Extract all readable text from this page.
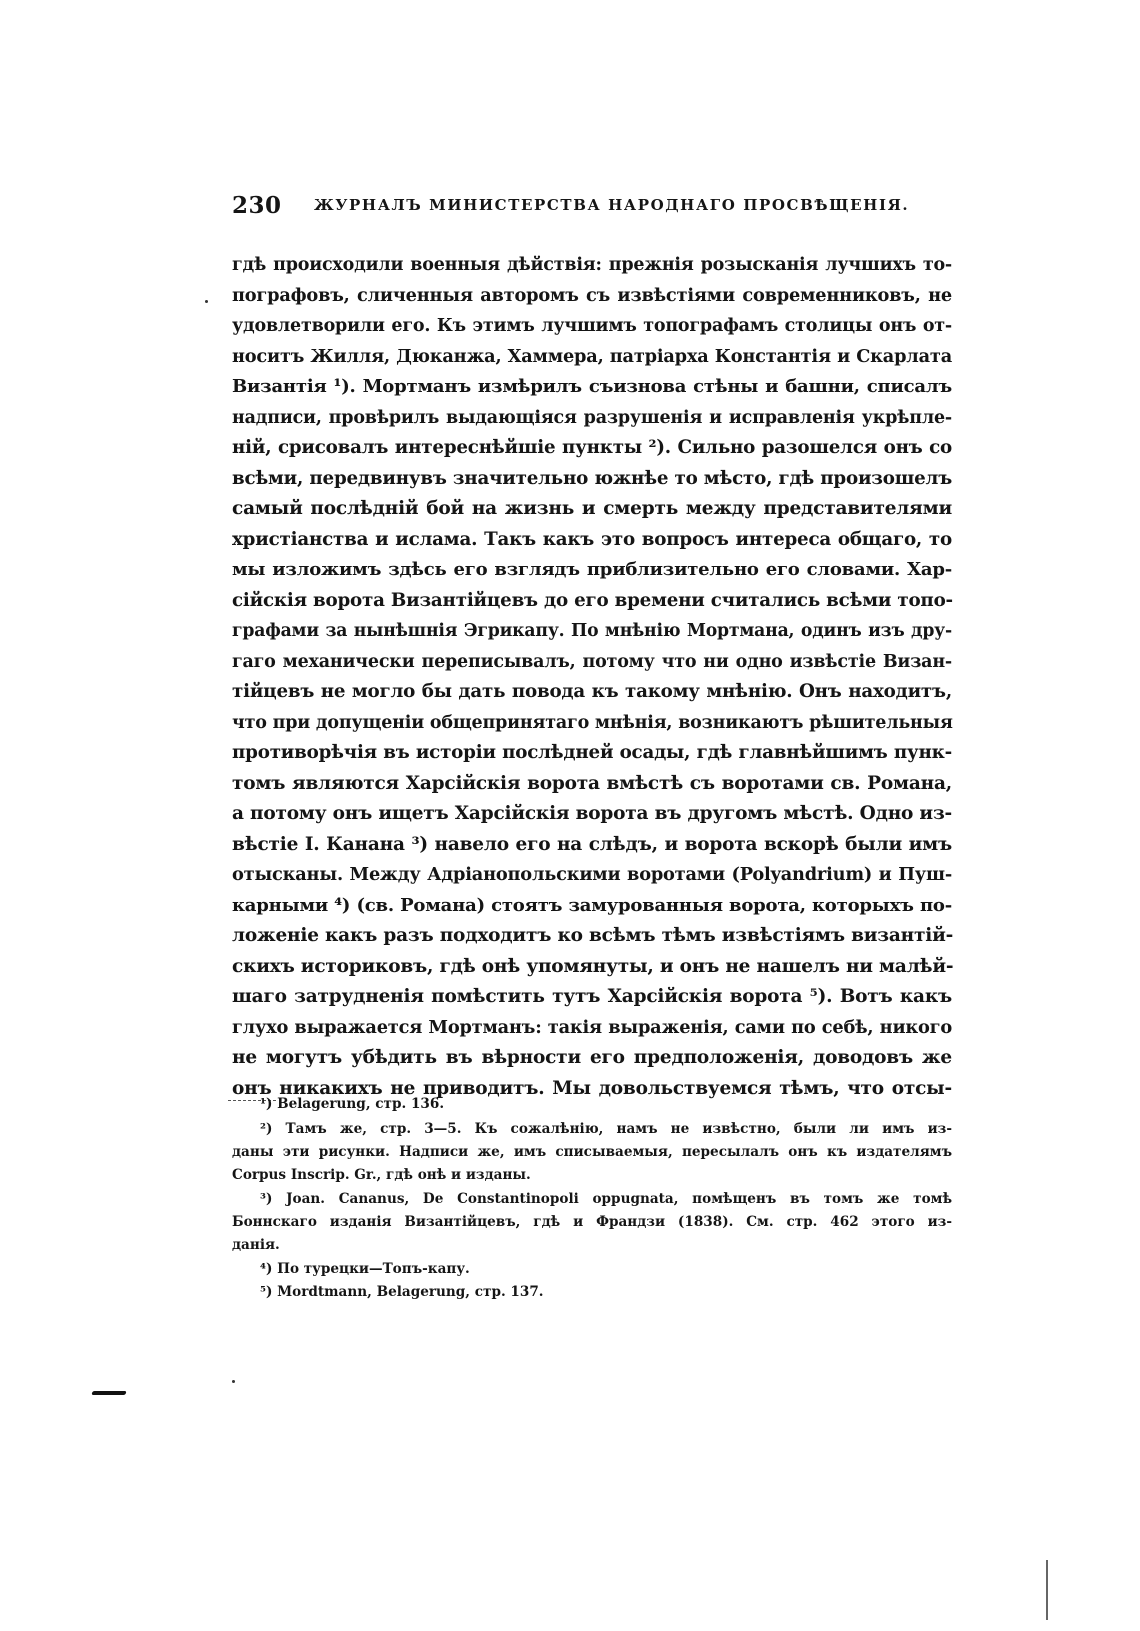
230 ЖУРНАЛЪ МИНИСТЕРСТВА НАРОДНАГО ПРОСВѢЩЕНІЯ.
гдѣ происходили военныя дѣйствія: прежнія розысканія лучшихъ то-
пографовъ, сличенныя авторомъ съ извѣстіями современниковъ, не
удовлетворили его. Къ этимъ лучшимъ топографамъ столицы онъ от-
носитъ Жилля, Дюканжа, Хаммера, патріарха Константія и Скарлата
Византія ¹). Мортманъ измѣрилъ съизнова стѣны и башни, списалъ
надписи, провѣрилъ выдающіяся разрушенія и исправленія укрѣпле-
ній, срисовалъ интереснѣйшіе пункты ²). Сильно разошелся онъ со
всѣми, передвинувъ значительно южнѣе то мѣсто, гдѣ произошелъ
самый послѣдній бой на жизнь и смерть между представителями
христіанства и ислама. Такъ какъ это вопросъ интереса общаго, то
мы изложимъ здѣсь его взглядъ приблизительно его словами. Хар-
сійскія ворота Византійцевъ до его времени считались всѣми топо-
графами за нынѣшнія Эгрикапу. По мнѣнію Мортмана, одинъ изъ дру-
гаго механически переписывалъ, потому что ни одно извѣстіе Визан-
тійцевъ не могло бы дать повода къ такому мнѣнію. Онъ находитъ,
что при допущеніи общепринятаго мнѣнія, возникаютъ рѣшительныя
противорѣчія въ исторіи послѣдней осады, гдѣ главнѣйшимъ пунк-
томъ являются Харсійскія ворота вмѣстѣ съ воротами св. Романа,
а потому онъ ищетъ Харсійскія ворота въ другомъ мѣстѣ. Одно из-
вѣстіе I. Канана ³) навело его на слѣдъ, и ворота вскорѣ были имъ
отысканы. Между Адріанопольскими воротами (Polyandrium) и Пуш-
карными ⁴) (св. Романа) стоятъ замурованныя ворота, которыхъ по-
ложеніе какъ разъ подходитъ ко всѣмъ тѣмъ извѣстіямъ византій-
скихъ историковъ, гдѣ онѣ упомянуты, и онъ не нашелъ ни малѣй-
шаго затрудненія помѣстить тутъ Харсійскія ворота ⁵). Вотъ какъ
глухо выражается Мортманъ: такія выраженія, сами по себѣ, никого
не могутъ убѣдить въ вѣрности его предположенія, доводовъ же
онъ никакихъ не приводитъ. Мы довольствуемся тѣмъ, что отсы-
¹) Belagerung, стр. 136.
²) Тамъ же, стр. 3—5. Къ сожалѣнію, намъ не извѣстно, были ли имъ из-
даны эти рисунки. Надписи же, имъ списываемыя, пересылалъ онъ къ издателямъ
Corpus Inscrip. Gr., гдѣ онѣ и изданы.
³) Joan. Cananus, De Constantinopoli oppugnata, помѣщенъ въ томъ же томѣ
Боннскаго изданія Византійцевъ, гдѣ и Франдзи (1838). См. стр. 462 этого из-
данія.
⁴) По турецки—Топъ-капу.
⁵) Mordtmann, Belagerung, стр. 137.
